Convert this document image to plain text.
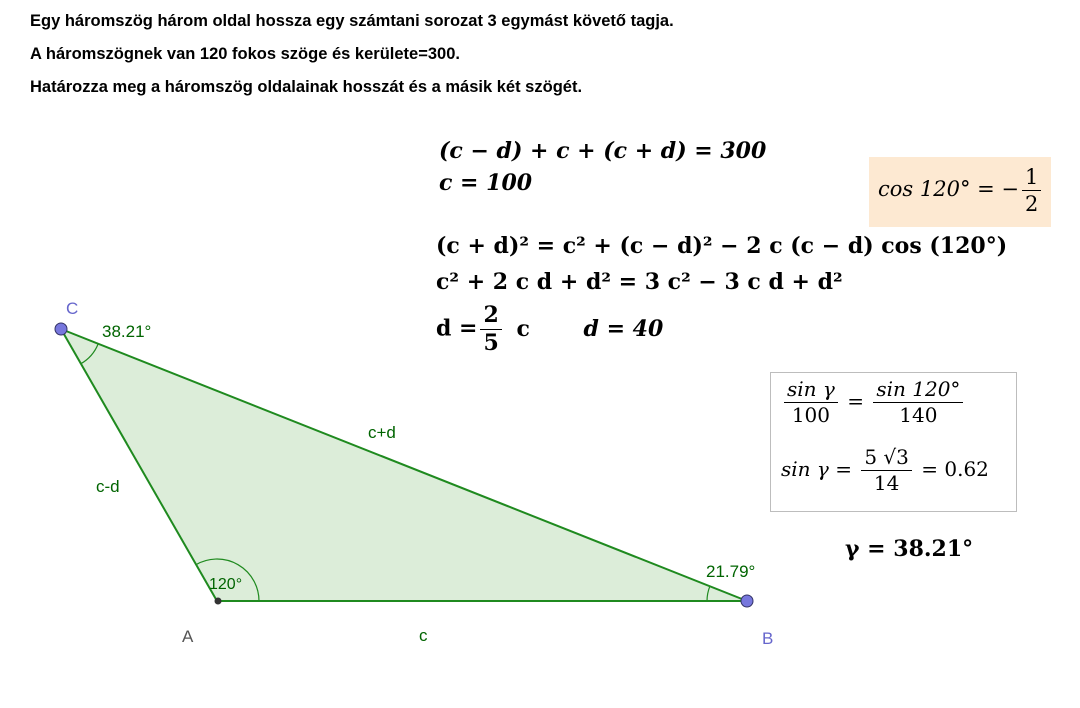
Egy háromszög három oldal hossza egy számtani sorozat 3 egymást követő tagja.
A háromszögnek van 120 fokos szöge és kerülete=300.
Határozza meg a háromszög oldalainak hosszát és a másik két szögét.
C
A	B
c-d
c+d
c
38.21°
120°
21.79°
(c − d) + c + (c + d) = 300
c = 100	cos 120° = − $\frac{1}{2}$
(c + d)² = c² + (c − d)² − 2 c (c − d) cos (120°)
c² + 2 c d + d² = 3 c² − 3 c d + d²
$d = \frac{2}{5}$ c d = 40
$\frac{\text{sin γ}}{100} = \frac{\sin 120^\circ}{140}$
$\sin \gamma = \frac{5 √3}{14} = 0.62$
γ = 38.21°
